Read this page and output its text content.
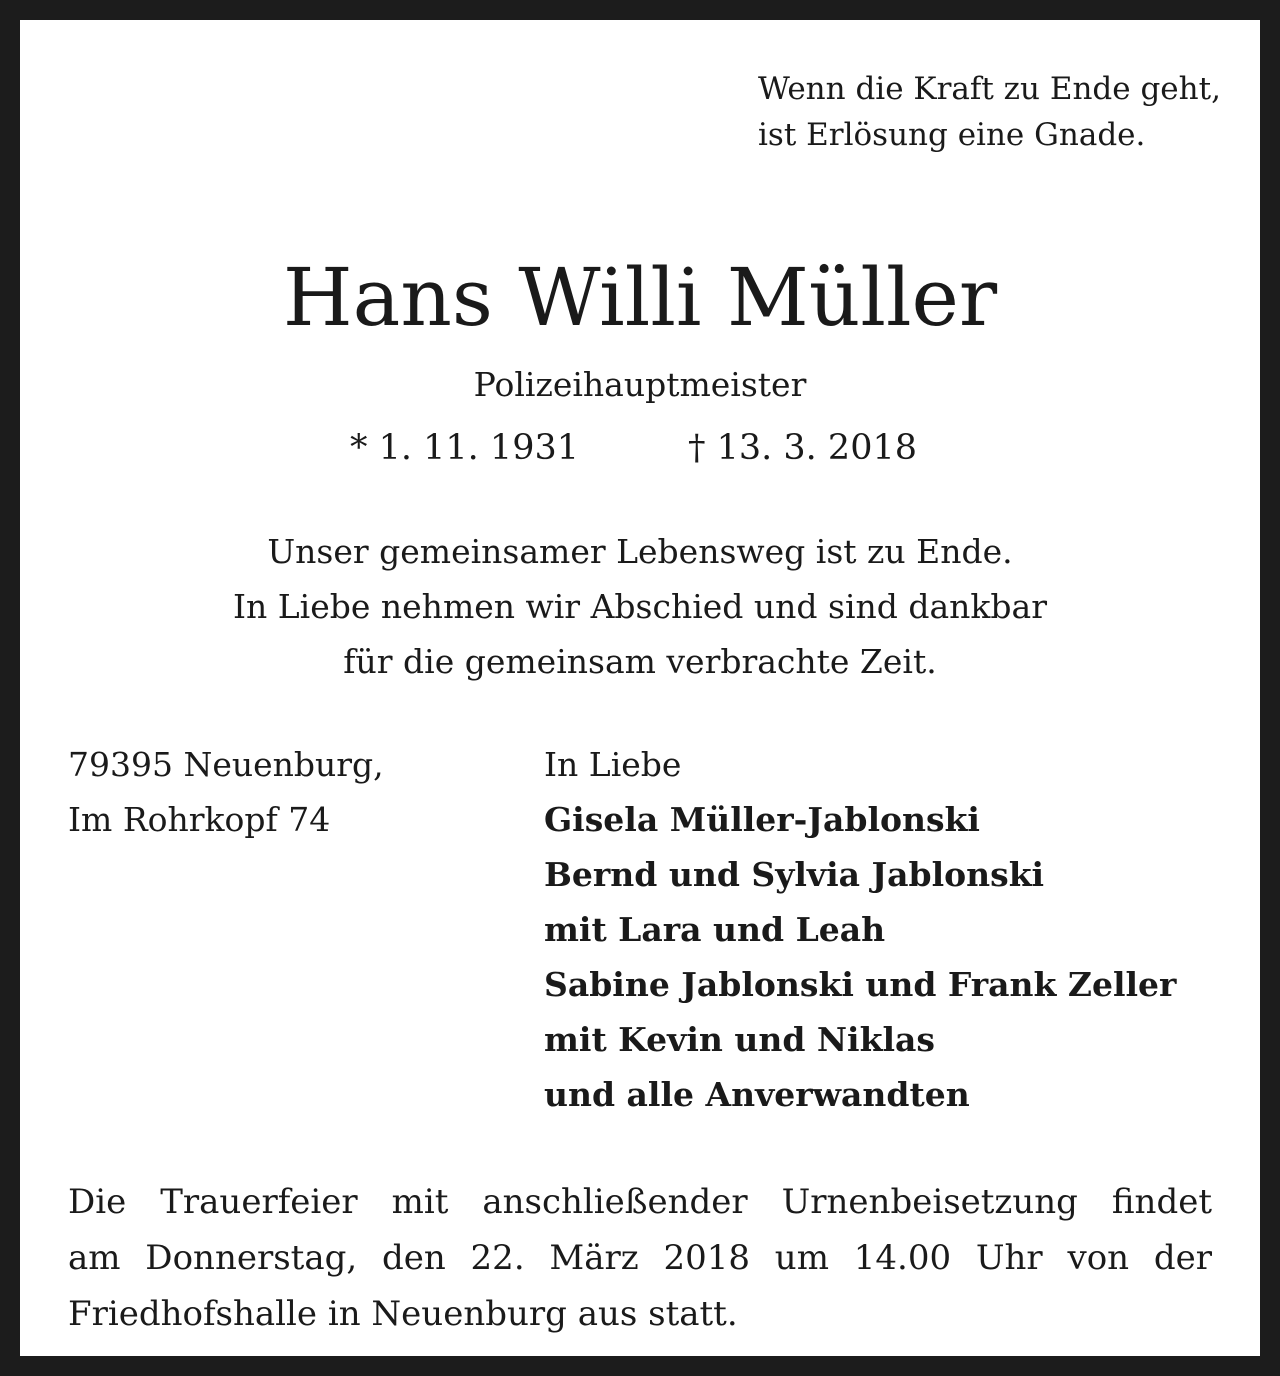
Wenn die Kraft zu Ende geht,
ist Erlösung eine Gnade.
Hans Willi Müller
Polizeihauptmeister
* 1. 11. 1931	† 13. 3. 2018
Unser gemeinsamer Lebensweg ist zu Ende.
In Liebe nehmen wir Abschied und sind dankbar
für die gemeinsam verbrachte Zeit.
79395 Neuenburg,
Im Rohrkopf 74
In Liebe
Gisela Müller-Jablonski
Bernd und Sylvia Jablonski
mit Lara und Leah
Sabine Jablonski und Frank Zeller
mit Kevin und Niklas
und alle Anverwandten
Die Trauerfeier mit anschließender Urnenbeisetzung findet
am Donnerstag, den 22. März 2018 um 14.00 Uhr von der
Friedhofshalle in Neuenburg aus statt.
